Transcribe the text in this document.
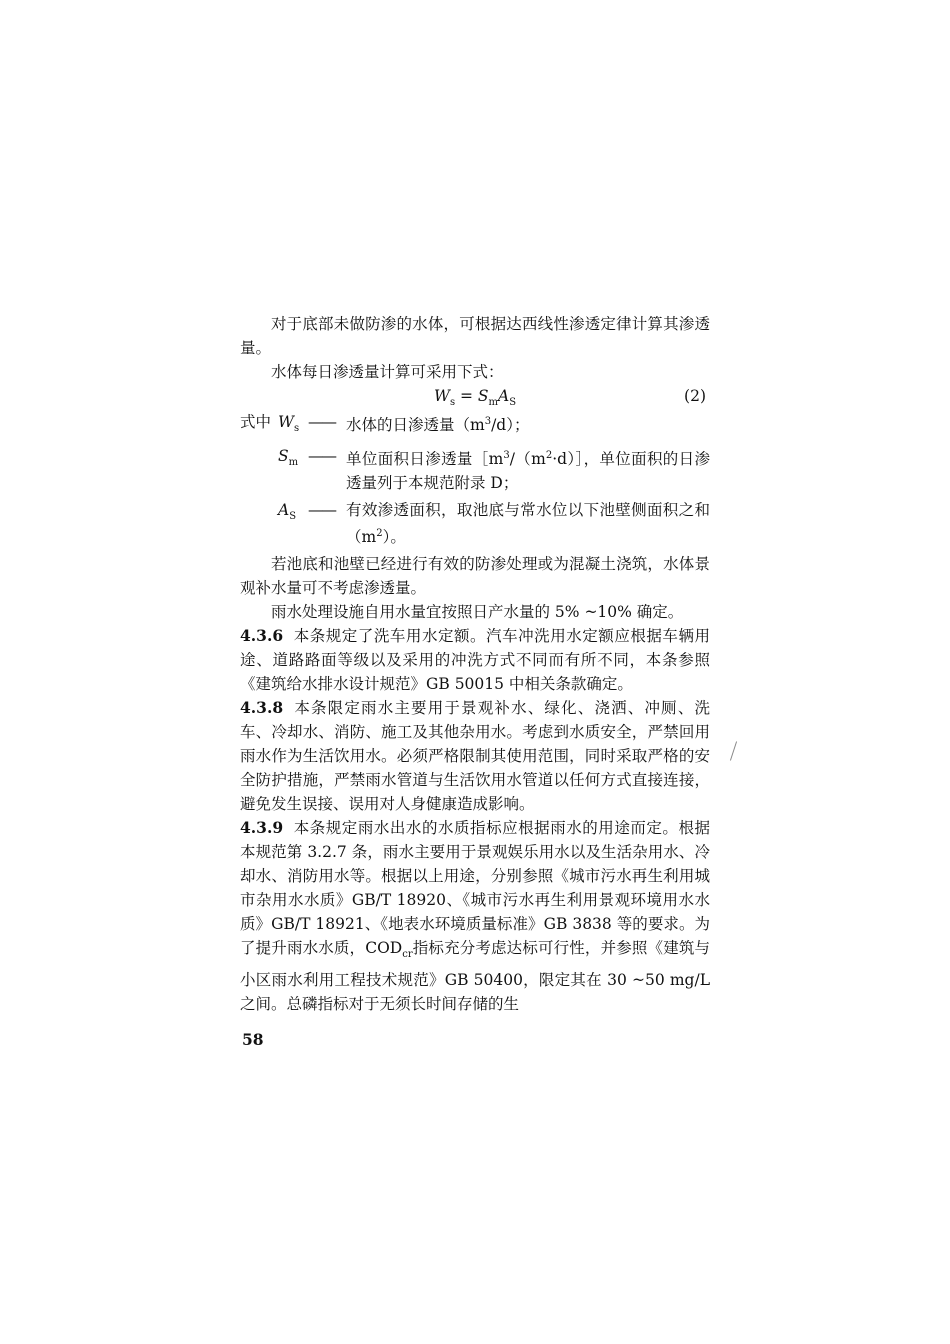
对于底部未做防渗的水体，可根据达西线性渗透定律计算其渗透量。

水体每日渗透量计算可采用下式：

$W_s = S_mA_S$	(2)
式中 $W_s$ —— 水体的日渗透量$(m^3/d)$；
$S_m$ —— 单位面积日渗透量$[m^3/(m^2\cdot d)]$，单位面积的日渗透量列于本规范附录 D；
$A_S$ —— 有效渗透面积，取池底与常水位以下池壁侧面积之和$(m^2)$。

若池底和池壁已经进行有效的防渗处理或为混凝土浇筑，水体景观补水量可不考虑渗透量。

雨水处理设施自用水量宜按照日产水量的 5% ~10% 确定。

4.3.6 本条规定了洗车用水定额。汽车冲洗用水定额应根据车辆用途、道路路面等级以及采用的冲洗方式不同而有所不同，本条参照《建筑给水排水设计规范》GB 50015 中相关条款确定。

4.3.8 本条限定雨水主要用于景观补水、绿化、浇洒、冲厕、洗车、冷却水、消防、施工及其他杂用水。考虑到水质安全，严禁回用雨水作为生活饮用水。必须严格限制其使用范围，同时采取严格的安全防护措施，严禁雨水管道与生活饮用水管道以任何方式直接连接，避免发生误接、误用对人身健康造成影响。

4.3.9 本条规定雨水出水的水质指标应根据雨水的用途而定。根据本规范第 3.2.7 条，雨水主要用于景观娱乐用水以及生活杂用水、冷却水、消防用水等。根据以上用途，分别参照《城市污水再生利用城市杂用水水质》GB/T 18920、《城市污水再生利用景观环境用水水质》GB/T 18921、《地表水环境质量标准》GB 3838 等的要求。为了提升雨水水质，$COD_{cr}$指标充分考虑达标可行性，并参照《建筑与小区雨水利用工程技术规范》GB 50400，限定其在 30 ~50 mg/L 之间。总磷指标对于无须长时间存储的生

58
